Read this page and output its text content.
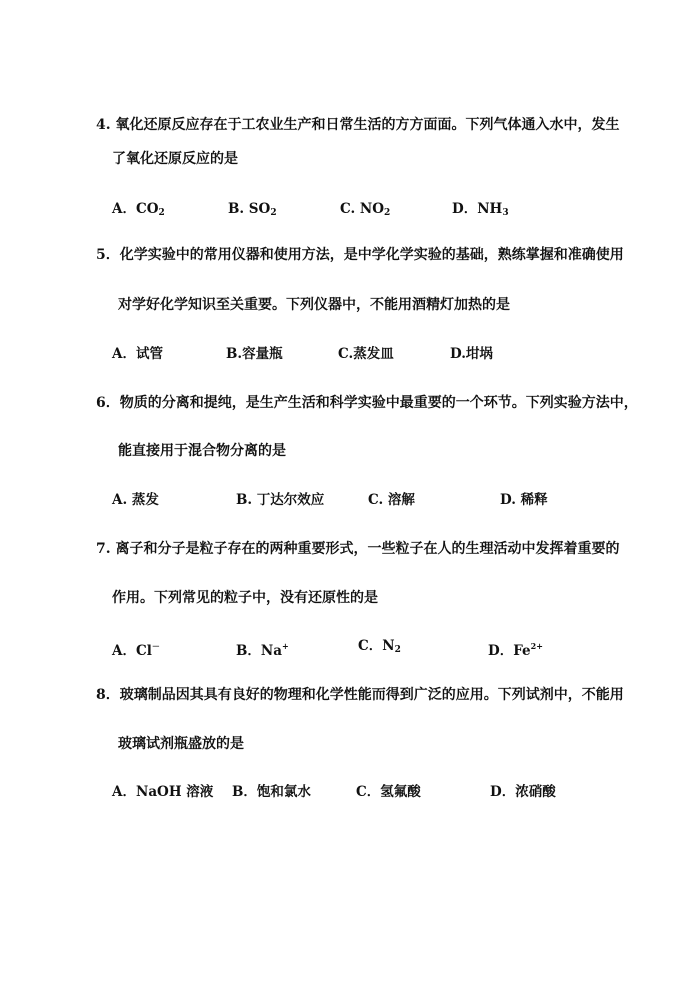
4. 氧化还原反应存在于工农业生产和日常生活的方方面面。下列气体通入水中，发生
了氧化还原反应的是
A．$CO_2$	B. $SO_2$	C. $NO_2$	D．$NH_3$
5．化学实验中的常用仪器和使用方法，是中学化学实验的基础，熟练掌握和准确使用
对学好化学知识至关重要。下列仪器中，不能用酒精灯加热的是
A．试管	B.容量瓶	C.蒸发皿	D.坩埚
6．物质的分离和提纯，是生产生活和科学实验中最重要的一个环节。下列实验方法中，
能直接用于混合物分离的是
A. 蒸发	B. 丁达尔效应	C. 溶解	D. 稀释
7. 离子和分子是粒子存在的两种重要形式，一些粒子在人的生理活动中发挥着重要的
作用。下列常见的粒子中，没有还原性的是
A．Cl－	B．Na+	C．$N_2$	D．$Fe^{2+}$
8．玻璃制品因其具有良好的物理和化学性能而得到广泛的应用。下列试剂中，不能用
玻璃试剂瓶盛放的是
A．NaOH 溶液 B．饱和氯水	C．氢氟酸	D．浓硝酸
